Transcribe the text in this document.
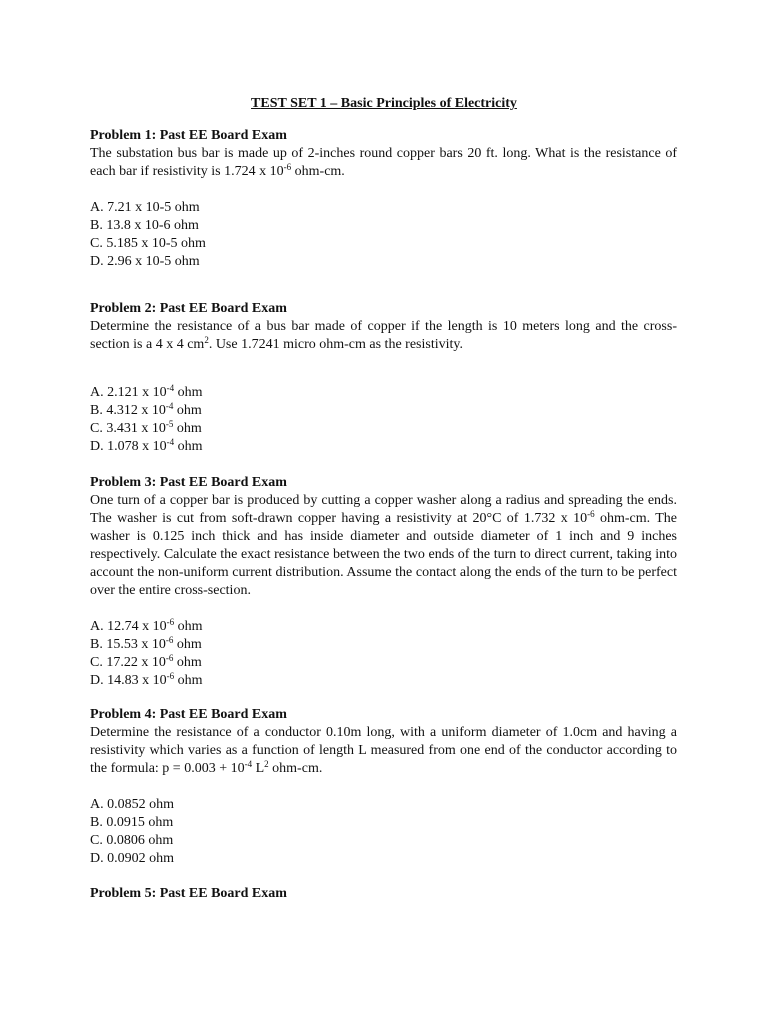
TEST SET 1 – Basic Principles of Electricity
Problem 1: Past EE Board Exam
The substation bus bar is made up of 2-inches round copper bars 20 ft. long. What is the resistance of each bar if resistivity is 1.724 x $10^{-6}$ ohm-cm.
A. 7.21 x 10-5 ohm
B. 13.8 x 10-6 ohm
C. 5.185 x 10-5 ohm
D. 2.96 x 10-5 ohm
Problem 2: Past EE Board Exam
Determine the resistance of a bus bar made of copper if the length is 10 meters long and the cross-section is a 4 x 4 $cm^2$. Use 1.7241 micro ohm-cm as the resistivity.
A. 2.121 x $10^{-4}$ ohm
B. 4.312 x $10^{-4}$ ohm
C. 3.431 x $10^{-5}$ ohm
D. 1.078 x $10^{-4}$ ohm
Problem 3: Past EE Board Exam
One turn of a copper bar is produced by cutting a copper washer along a radius and spreading the ends. The washer is cut from soft-drawn copper having a resistivity at 20°C of 1.732 x $10^{-6}$ ohm-cm. The washer is 0.125 inch thick and has inside diameter and outside diameter of 1 inch and 9 inches respectively. Calculate the exact resistance between the two ends of the turn to direct current, taking into account the non-uniform current distribution. Assume the contact along the ends of the turn to be perfect over the entire cross-section.
A. 12.74 x $10^{-6}$ ohm
B. 15.53 x $10^{-6}$ ohm
C. 17.22 x $10^{-6}$ ohm
D. 14.83 x $10^{-6}$ ohm
Problem 4: Past EE Board Exam
Determine the resistance of a conductor 0.10m long, with a uniform diameter of 1.0cm and having a resistivity which varies as a function of length L measured from one end of the conductor according to the formula: $p = 0.003 + 10^{-4}$ $L^2$ ohm-cm.
A. 0.0852 ohm
B. 0.0915 ohm
C. 0.0806 ohm
D. 0.0902 ohm
Problem 5: Past EE Board Exam
